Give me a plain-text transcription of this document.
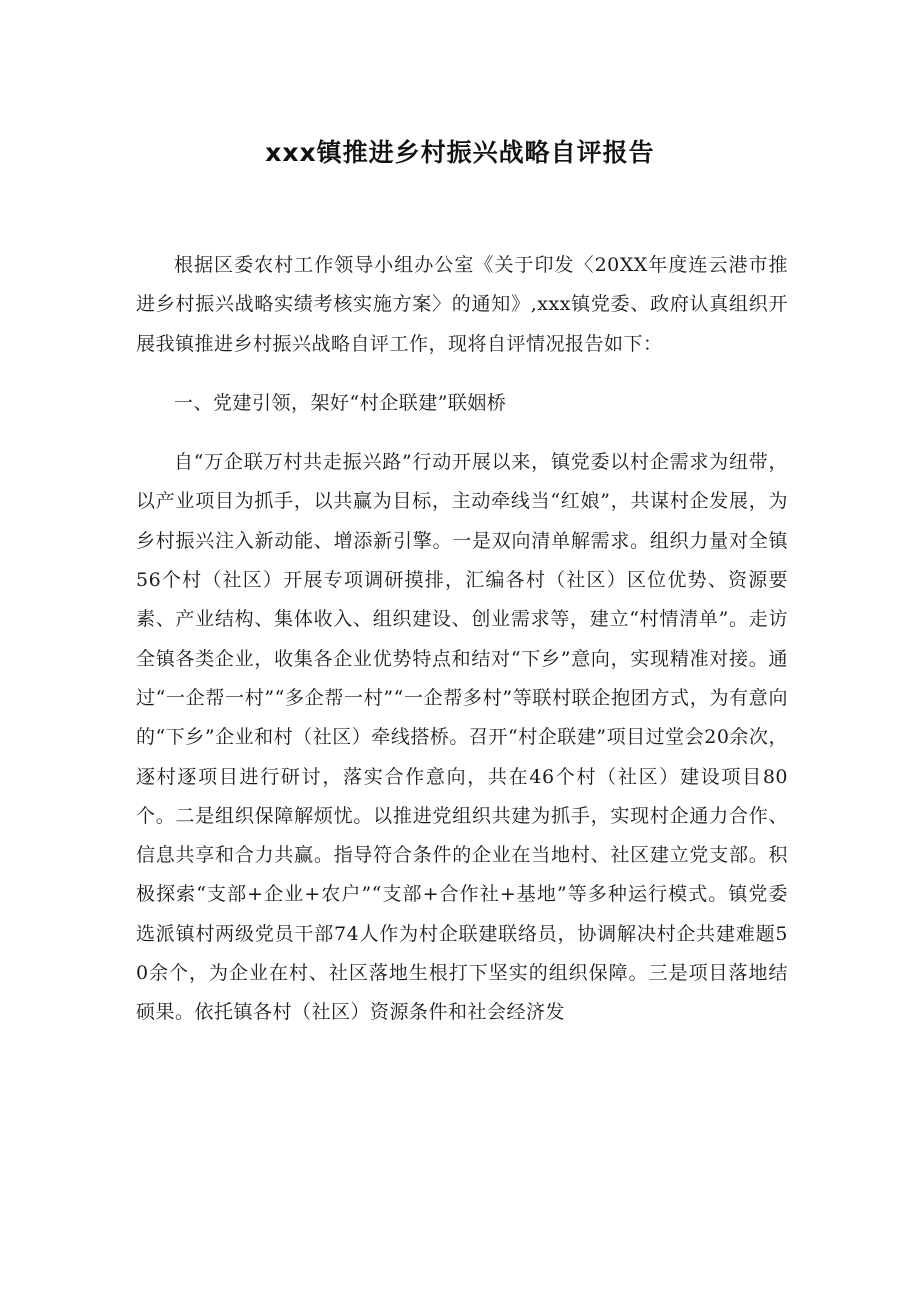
xxx镇推进乡村振兴战略自评报告

根据区委农村工作领导小组办公室《关于印发〈20XX年度连云港市推进乡村振兴战略实绩考核实施方案〉的通知》,xxx镇党委、政府认真组织开展我镇推进乡村振兴战略自评工作，现将自评情况报告如下：

一、党建引领，架好“村企联建”联姻桥

自“万企联万村共走振兴路”行动开展以来，镇党委以村企需求为纽带，以产业项目为抓手，以共赢为目标，主动牵线当“红娘”，共谋村企发展，为乡村振兴注入新动能、增添新引擎。一是双向清单解需求。组织力量对全镇56个村（社区）开展专项调研摸排，汇编各村（社区）区位优势、资源要素、产业结构、集体收入、组织建设、创业需求等，建立“村情清单”。走访全镇各类企业，收集各企业优势特点和结对“下乡”意向，实现精准对接。通过“一企帮一村”“多企帮一村”“一企帮多村”等联村联企抱团方式，为有意向的“下乡”企业和村（社区）牵线搭桥。召开“村企联建”项目过堂会20余次，逐村逐项目进行研讨，落实合作意向，共在46个村（社区）建设项目80个。二是组织保障解烦忧。以推进党组织共建为抓手，实现村企通力合作、信息共享和合力共赢。指导符合条件的企业在当地村、社区建立党支部。积极探索“支部+企业+农户”“支部+合作社+基地”等多种运行模式。镇党委选派镇村两级党员干部74人作为村企联建联络员，协调解决村企共建难题50余个，为企业在村、社区落地生根打下坚实的组织保障。三是项目落地结硕果。依托镇各村（社区）资源条件和社会经济发
